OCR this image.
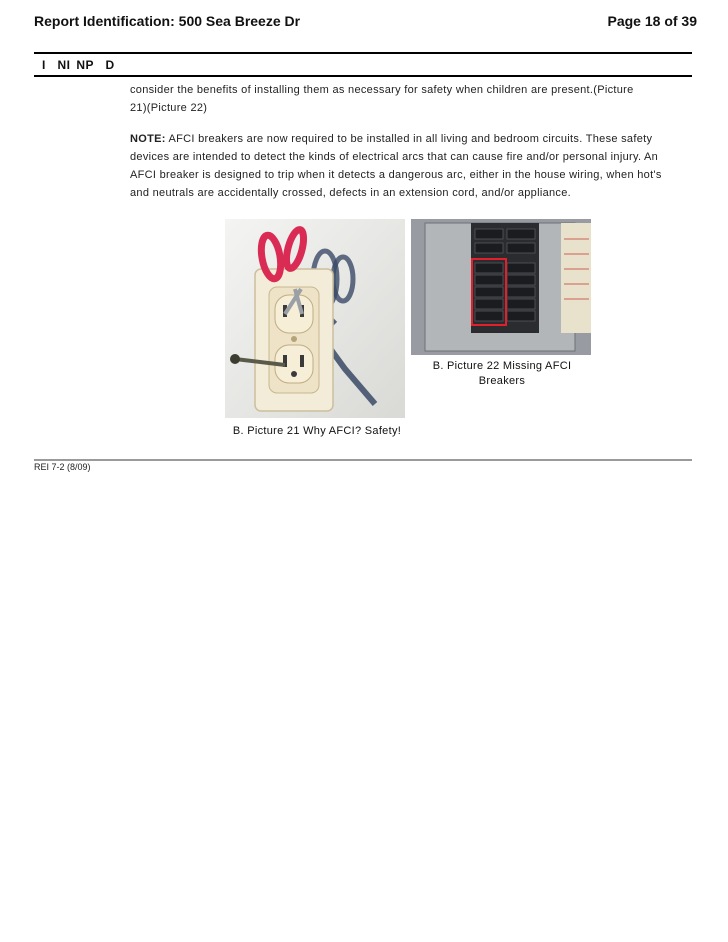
Report Identification: 500 Sea Breeze Dr	Page 18 of 39
I  NI NP  D
consider the benefits of installing them as necessary for safety when children are present.(Picture
21)(Picture 22)
NOTE: AFCI breakers are now required to be installed in all living and bedroom circuits. These safety
devices are intended to detect the kinds of electrical arcs that can cause fire and/or personal injury. An
AFCI breaker is designed to trip when it detects a dangerous arc, either in the house wiring, when hot's
and neutrals are accidentally crossed, defects in an extension cord, and/or appliance.
B. Picture 21 Why AFCI? Safety!
B. Picture 22 Missing AFCI
Breakers
REI 7-2 (8/09)
